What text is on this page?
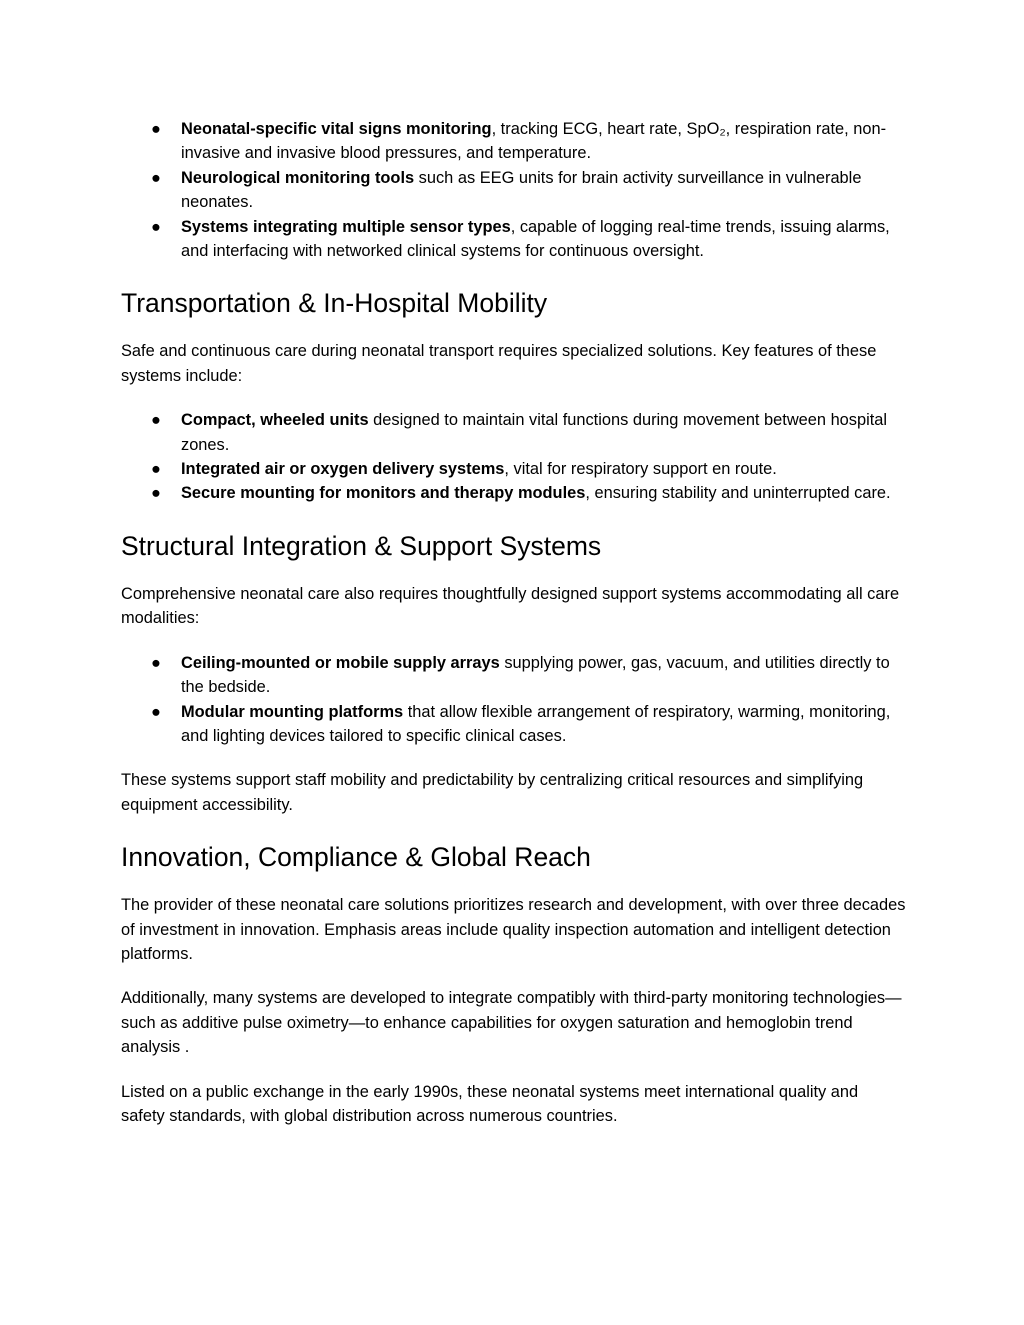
● Neonatal-specific vital signs monitoring, tracking ECG, heart rate, SpO₂, respiration rate, non-invasive and invasive blood pressures, and temperature.
● Neurological monitoring tools such as EEG units for brain activity surveillance in vulnerable neonates.
● Systems integrating multiple sensor types, capable of logging real-time trends, issuing alarms, and interfacing with networked clinical systems for continuous oversight.
Transportation & In-Hospital Mobility

Safe and continuous care during neonatal transport requires specialized solutions. Key features of these systems include:

● Compact, wheeled units designed to maintain vital functions during movement between hospital zones.
● Integrated air or oxygen delivery systems, vital for respiratory support en route.
● Secure mounting for monitors and therapy modules, ensuring stability and uninterrupted care.
Structural Integration & Support Systems

Comprehensive neonatal care also requires thoughtfully designed support systems accommodating all care modalities:

● Ceiling-mounted or mobile supply arrays supplying power, gas, vacuum, and utilities directly to the bedside.
● Modular mounting platforms that allow flexible arrangement of respiratory, warming, monitoring, and lighting devices tailored to specific clinical cases.

These systems support staff mobility and predictability by centralizing critical resources and simplifying equipment accessibility.

Innovation, Compliance & Global Reach

The provider of these neonatal care solutions prioritizes research and development, with over three decades of investment in innovation. Emphasis areas include quality inspection automation and intelligent detection platforms.

Additionally, many systems are developed to integrate compatibly with third-party monitoring technologies—such as additive pulse oximetry—to enhance capabilities for oxygen saturation and hemoglobin trend analysis .

Listed on a public exchange in the early 1990s, these neonatal systems meet international quality and safety standards, with global distribution across numerous countries.
